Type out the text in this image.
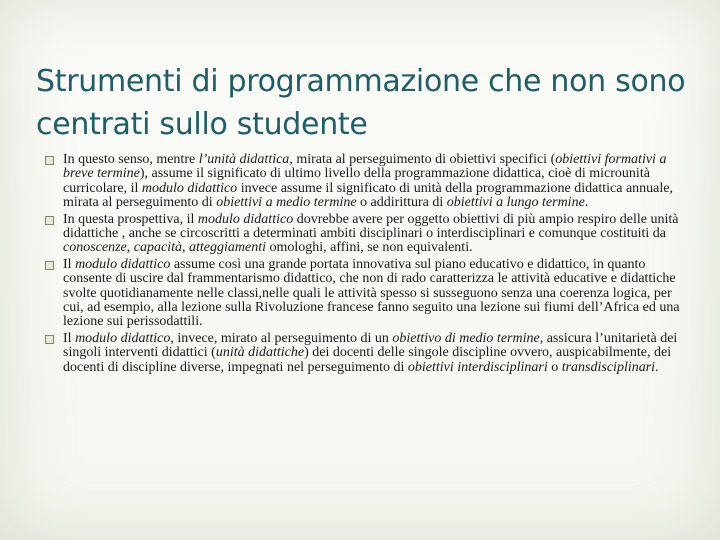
Strumenti di programmazione che non sono centrati sullo studente
In questo senso, mentre l’unità didattica, mirata al perseguimento di obiettivi specifici (obiettivi formativi a breve termine), assume il significato di ultimo livello della programmazione didattica, cioè di microunità curricolare, il modulo didattico invece assume il significato di unità della programmazione didattica annuale, mirata al perseguimento di obiettivi a medio termine o addirittura di obiettivi a lungo termine.
In questa prospettiva, il modulo didattico dovrebbe avere per oggetto obiettivi di più ampio respiro delle unità didattiche , anche se circoscritti a determinati ambiti disciplinari o interdisciplinari e comunque costituiti da conoscenze, capacità, atteggiamenti omologhi, affini, se non equivalenti.
Il modulo didattico assume così una grande portata innovativa sul piano educativo e didattico, in quanto consente di uscire dal frammentarismo didattico, che non di rado caratterizza le attività educative e didattiche svolte quotidianamente nelle classi,nelle quali le attività spesso si susseguono senza una coerenza logica, per cui, ad esempio, alla lezione sulla Rivoluzione francese fanno seguito una lezione sui fiumi dell’Africa ed una lezione sui perissodattili.
Il modulo didattico, invece, mirato al perseguimento di un obiettivo di medio termine, assicura l’unitarietà dei singoli interventi didattici (unità didattiche) dei docenti delle singole discipline ovvero, auspicabilmente, dei docenti di discipline diverse, impegnati nel perseguimento di obiettivi interdisciplinari o transdisciplinari.
